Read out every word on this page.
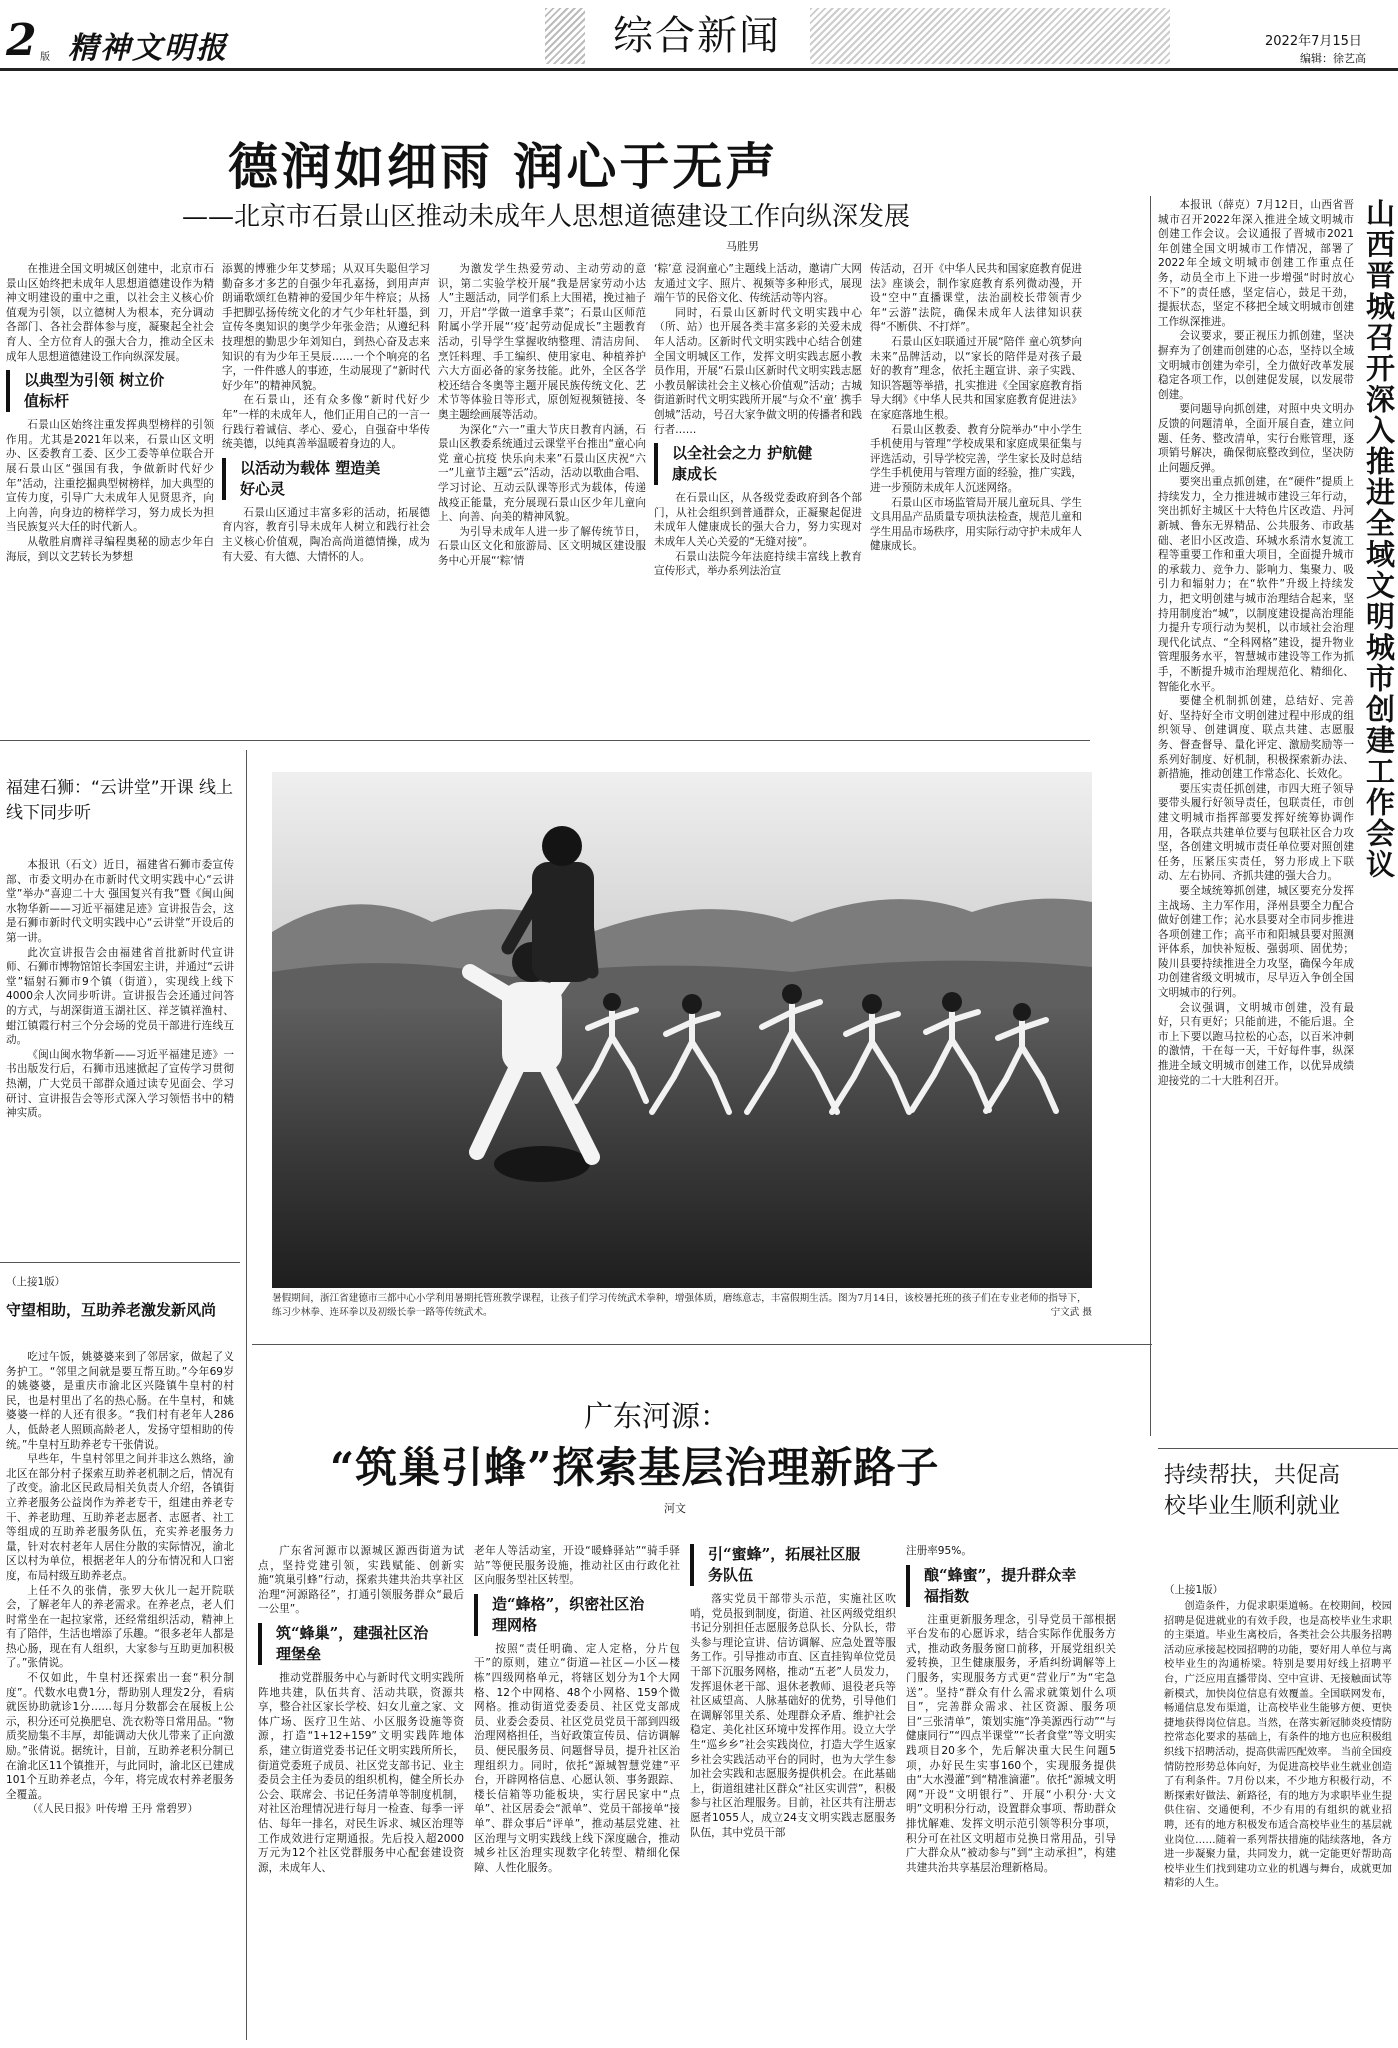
2 版 精神文明报	综合新闻	2022年7月15日
编辑：徐艺高
德润如细雨 润心于无声
——北京市石景山区推动未成年人思想道德建设工作向纵深发展
马胜男

在推进全国文明城区创建中，北京市石景山区始终把未成年人思想道德建设作为精神文明建设的重中之重，以社会主义核心价值观为引领，以立德树人为根本，充分调动各部门、各社会群体参与度，凝聚起全社会育人、全方位育人的强大合力，推动全区未成年人思想道德建设工作向纵深发展。

以典型为引领 树立价值标杆

石景山区始终注重发挥典型榜样的引领作用。尤其是2021年以来，石景山区文明办、区委教育工委、区少工委等单位联合开展石景山区“强国有我，争做新时代好少年”活动，注重挖掘典型树榜样，加大典型的宣传力度，引导广大未成年人见贤思齐，向上向善，向身边的榜样学习，努力成长为担当民族复兴大任的时代新人。

从敬胜肩膺祥寻编程奥秘的励志少年白海辰，到以文艺转长为梦想

添翼的博雅少年艾梦瑶；从双耳失聪但学习勤奋多才多艺的自强少年孔嘉扬，到用声声朗诵歌颂红色精神的爱国少年牛梓宸；从扬手把脚弘扬传统文化的才气少年杜轩墨，到宣传冬奥知识的奥学少年张金浩；从遵纪科技理想的勤思少年刘知白，到热心奋及志来知识的有为少年王昊辰……一个个响亮的名字，一件件感人的事迹，生动展现了“新时代好少年”的精神风貌。

在石景山，还有众多像“新时代好少年”一样的未成年人，他们正用自己的一言一行践行着诚信、孝心、爱心，自强奋中华传统美德，以纯真善举温暖着身边的人。

以活动为载体 塑造美好心灵

石景山区通过丰富多彩的活动，拓展德育内容，教育引导未成年人树立和践行社会主义核心价值观，陶冶高尚道德情操，成为有大爱、有大德、大情怀的人。

为激发学生热爱劳动、主动劳动的意识，第二实验学校开展“我是居家劳动小达人”主题活动，同学们系上大围裙，挽过袖子刀，开启“学做一道拿手菜”；石景山区师范附属小学开展“‘疫’起劳动促成长”主题教育活动，引导学生掌握收纳整理、清洁房间、烹饪料理、手工编织、使用家电、种植养护六大方面必备的家务技能。此外，全区各学校还结合冬奥等主题开展民族传统文化、艺术节等体验日等形式，原创短视频链接、冬奥主题绘画展等活动。

为深化“六一”重大节庆日教育内涵，石景山区教委系统通过云课堂平台推出“童心向党 童心抗疫 快乐向未来”石景山区庆祝“六一”儿童节主题“云”活动，活动以歌曲合唱、学习讨论、互动云队课等形式为载体，传递战疫正能量，充分展现石景山区少年儿童向上、向善、向美的精神风貌。

为引导未成年人进一步了解传统节日，石景山区文化和旅游局、区文明城区建设服务中心开展“‘粽’情

‘粽’意 浸润童心”主题线上活动，邀请广大网友通过文字、照片、视频等多种形式，展现端午节的民俗文化、传统活动等内容。

同时，石景山区新时代文明实践中心（所、站）也开展各类丰富多彩的关爱未成年人活动。区新时代文明实践中心结合创建全国文明城区工作，发挥文明实践志愿小教员作用，开展“石景山区新时代文明实践志愿小教员解读社会主义核心价值观”活动；古城街道新时代文明实践所开展“与众不‘童’ 携手创城”活动，号召大家争做文明的传播者和践行者……

以全社会之力 护航健康成长

在石景山区，从各级党委政府到各个部门，从社会组织到普通群众，正凝聚起促进未成年人健康成长的强大合力，努力实现对未成年人关心关爱的“无缝对接”。

石景山法院今年法庭持续丰富线上教育宣传形式，举办系列法治宣

传活动，召开《中华人民共和国家庭教育促进法》座谈会，制作家庭教育系列微动漫，开设“空中”直播课堂，法治副校长带领青少年“云游”法院，确保未成年人法律知识获得“不断供、不打烊”。

石景山区妇联通过开展“陪伴 童心筑梦向未来”品牌活动，以“家长的陪伴是对孩子最好的教育”理念，依托主题宣讲、亲子实践、知识答题等举措，扎实推进《全国家庭教育指导大纲》《中华人民共和国家庭教育促进法》在家庭落地生根。

石景山区教委、教育分院举办“中小学生手机使用与管理”学校成果和家庭成果征集与评选活动，引导学校完善，学生家长及时总结学生手机使用与管理方面的经验，推广实践，进一步预防未成年人沉迷网络。

石景山区市场监管局开展儿童玩具、学生文具用品产品质量专项执法检查，规范儿童和学生用品市场秩序，用实际行动守护未成年人健康成长。	山西晋城召开深入推进全域文明城市创建工作会议

本报讯（薛克）7月12日，山西省晋城市召开2022年深入推进全域文明城市创建工作会议。会议通报了晋城市2021年创建全国文明城市工作情况，部署了2022年全域文明城市创建工作重点任务，动员全市上下进一步增强“时时放心不下”的责任感，坚定信心，鼓足干劲，提振状态，坚定不移把全域文明城市创建工作纵深推进。

会议要求，要正视压力抓创建，坚决摒弃为了创建而创建的心态，坚持以全域文明城市创建为牵引，全力做好改革发展稳定各项工作，以创建促发展，以发展带创建。

要问题导向抓创建，对照中央文明办反馈的问题清单，全面开展自查，建立问题、任务、整改清单，实行台账管理，逐项销号解决，确保彻底整改到位，坚决防止问题反弹。

要突出重点抓创建，在“硬件”提质上持续发力，全力推进城市建设三年行动，突出抓好主城区十大特色片区改造、丹河新城、鲁东无界精品、公共服务、市政基础、老旧小区改造、环城水系清水复流工程等重要工作和重大项目，全面提升城市的承载力、竞争力、影响力、集聚力、吸引力和辐射力；在“软件”升级上持续发力，把文明创建与城市治理结合起来，坚持用制度治“城”，以制度建设提高治理能力提升专项行动为契机，以市域社会治理现代化试点、“全科网格”建设，提升物业管理服务水平，智慧城市建设等工作为抓手，不断提升城市治理规范化、精细化、智能化水平。

要健全机制抓创建，总结好、完善好、坚持好全市文明创建过程中形成的组织领导、创建调度、联点共建、志愿服务、督查督导、量化评定、激励奖励等一系列好制度、好机制，积极探索新办法、新措施，推动创建工作常态化、长效化。

要压实责任抓创建，市四大班子领导要带头履行好领导责任，包联责任，市创建文明城市指挥部要发挥好统筹协调作用，各联点共建单位要与包联社区合力攻坚，各创建文明城市责任单位要对照创建任务，压紧压实责任，努力形成上下联动、左右协同、齐抓共建的强大合力。

要全域统筹抓创建，城区要充分发挥主战场、主力军作用，泽州县要全力配合做好创建工作；沁水县要对全市同步推进各项创建工作；高平市和阳城县要对照测评体系，加快补短板、强弱项、固优势；陵川县要持续推进全力攻坚，确保今年成功创建省级文明城市，尽早迈入争创全国文明城市的行列。

会议强调，文明城市创建，没有最好，只有更好；只能前进，不能后退。全市上下要以跑马拉松的心态，以百米冲刺的激情，干在每一天，干好每件事，纵深推进全域文明城市创建工作，以优异成绩迎接党的二十大胜利召开。

福建石狮：“云讲堂”开课 线上线下同步听

本报讯（石文）近日，福建省石狮市委宣传部、市委文明办在市新时代文明实践中心“云讲堂”举办“喜迎二十大 强国复兴有我”暨《闽山闽水物华新——习近平福建足迹》宣讲报告会，这是石狮市新时代文明实践中心“云讲堂”开设后的第一讲。

此次宣讲报告会由福建省首批新时代宣讲师、石狮市博物馆馆长李国宏主讲，并通过“云讲堂”辐射石狮市9个镇（街道），实现线上线下4000余人次同步听讲。宣讲报告会还通过问答的方式，与胡深街道玉湖社区、祥芝镇祥渔村、蚶江镇霞行村三个分会场的党员干部进行连线互动。

《闽山闽水物华新——习近平福建足迹》一书出版发行后，石狮市迅速掀起了宣传学习贯彻热潮，广大党员干部群众通过读专见面会、学习研讨、宣讲报告会等形式深入学习领悟书中的精神实质。

（上接1版）
守望相助，互助养老激发新风尚

吃过午饭，姚婆婆来到了邻居家，做起了义务护工。“邻里之间就是要互帮互助。”今年69岁的姚婆婆，是重庆市渝北区兴隆镇牛皇村的村民，也是村里出了名的热心肠。在牛皇村，和姚婆婆一样的人还有很多。“我们村有老年人286人，低龄老人照顾高龄老人，发扬守望相助的传统。”牛皇村互助养老专干张倩说。

早些年，牛皇村邻里之间并非这么熟络，渝北区在部分村子探索互助养老机制之后，情况有了改变。渝北区民政局相关负责人介绍，各镇街立养老服务公益岗作为养老专干，组建由养老专干、养老助理、互助养老志愿者、志愿者、社工等组成的互助养老服务队伍，充实养老服务力量，针对农村老年人居住分散的实际情况，渝北区以村为单位，根据老年人的分布情况和人口密度，布局村级互助养老点。

上任不久的张倩，张罗大伙儿一起开院联会，了解老年人的养老需求。在养老点，老人们时常坐在一起拉家常，还经常组织活动，精神上有了陪伴，生活也增添了乐趣。“很多老年人都是热心肠，现在有人组织，大家参与互助更加积极了。”张倩说。

不仅如此，牛皇村还探索出一套“积分制度”。代数水电费1分，帮助别人理发2分，看病就医协助就诊1分……每月分数都会在展板上公示，积分还可兑换肥皂、洗衣粉等日常用品。“物质奖励集不丰厚，却能调动大伙儿带来了正向激励。”张倩说。据统计，目前，互助养老积分制已在渝北区11个镇推开，与此同时，渝北区已建成101个互助养老点，今年，将完成农村养老服务全覆盖。

（《人民日报》叶传增 王丹 常碧罗）

暑假期间，浙江省建德市三都中心小学利用暑期托管班教学课程，让孩子们学习传统武术拳种，增强体质，磨练意志，丰富假期生活。图为7月14日，该校暑托班的孩子们在专业老师的指导下，练习少林拳、连环拳以及初级长拳一路等传统武术。	宁文武 摄
广东河源：
“筑巢引蜂”探索基层治理新路子
河文

广东省河源市以源城区源西街道为试点，坚持党建引领，实践赋能、创新实施“筑巢引蜂”行动，探索共建共治共享社区治理“河源路径”，打通引领服务群众“最后一公里”。

筑“蜂巢”，建强社区治理堡垒

推动党群服务中心与新时代文明实践所阵地共建，队伍共育、活动共联，资源共享，整合社区家长学校、妇女儿童之家、文体广场、医疗卫生站、小区服务设施等资源，打造“1+12+159”文明实践阵地体系，建立街道党委书记任文明实践所所长，街道党委班子成员、社区党支部书记、业主委员会主任为委员的组织机构，健全所长办公会、联席会、书记任务清单等制度机制，对社区治理情况进行每月一检查、每季一评估、每年一排名，对民生诉求、城区治理等工作成效进行定期通报。先后投入超2000万元为12个社区党群服务中心配套建设资源，未成年人、

老年人等活动室，开设“暖蜂驿站”“骑手驿站”等便民服务设施，推动社区由行政化社区向服务型社区转型。

造“蜂格”，织密社区治理网格

按照“责任明确、定人定格，分片包干”的原则，建立“街道—社区—小区—楼栋”四级网格单元，将辖区划分为1个大网格、12个中网格、48个小网格、159个微网格。推动街道党委委员、社区党支部成员、业委会委员、社区党员党员干部到四级治理网格担任，当好政策宣传员、信访调解员、便民服务员、问题督导员，提升社区治理组织力。同时，依托“源城智慧党建”平台，开辟网格信息、心愿认领、事务跟踪、楼长信箱等功能板块，实行居民家中“点单”、社区居委会“派单”、党员干部接单“接单”、群众事后“评单”，推动基层党建、社区治理与文明实践线上线下深度融合，推动城乡社区治理实现数字化转型、精细化保障、人性化服务。

引“蜜蜂”，拓展社区服务队伍

落实党员干部带头示范，实施社区吹哨，党员报到制度，街道、社区两级党组织书记分别担任志愿服务总队长、分队长，带头参与理论宣讲、信访调解、应急处置等服务工作。引导推动市直、区直挂钩单位党员干部下沉服务网格，推动“五老”人员发力，发挥退休老干部、退休老教师、退役老兵等社区威望高、人脉基础好的优势，引导他们在调解邻里关系、处理群众矛盾、维护社会稳定、美化社区环境中发挥作用。设立大学生“巡乡乡”社会实践岗位，打造大学生返家乡社会实践活动平台的同时，也为大学生参加社会实践和志愿服务提供机会。在此基础上，街道组建社区群众“社区实训营”，积极参与社区治理服务。目前，社区共有注册志愿者1055人，成立24支文明实践志愿服务队伍，其中党员干部

注册率95%。

酿“蜂蜜”，提升群众幸福指数

注重更新服务理念，引导党员干部根据平台发布的心愿诉求，结合实际作优服务方式，推动政务服务窗口前移，开展党组织关爱转换，卫生健康服务，矛盾纠纷调解等上门服务，实现服务方式更“营业厅”为“宅急送”。坚持“群众有什么需求就策划什么项目”，完善群众需求、社区资源、服务项目“三张清单”，策划实施“净美源西行动”“与健康同行”“四点半课堂”“长者食堂”等文明实践项目20多个，先后解决重大民生问题5项，办好民生实事160个，实现服务提供由“大水漫灌”到“精准滴灌”。依托“源城文明网”开设“文明银行”、开展“小积分·大文明”文明积分行动，设置群众事项、帮助群众排忧解难、发挥文明示范引领等积分事项，积分可在社区文明超市兑换日常用品，引导广大群众从“被动参与”到“主动承担”，构建共建共治共享基层治理新格局。

持续帮扶，共促高校毕业生顺利就业
（上接1版）

创造条件，力促求职渠道畅。在校期间，校园招聘是促进就业的有效手段，也是高校毕业生求职的主渠道。毕业生离校后，各类社会公共服务招聘活动应承接起校园招聘的功能，要好用人单位与离校毕业生的沟通桥梁。特别是要用好线上招聘平台，广泛应用直播带岗、空中宣讲、无接触面试等新模式，加快岗位信息有效覆盖。全国联网发布，畅通信息发布渠道，让高校毕业生能够方便、更快捷地获得岗位信息。当然，在落实新冠肺炎疫情防控常态化要求的基础上，有条件的地方也应积极组织线下招聘活动，提高供需匹配效率。 当前全国疫情防控形势总体向好，为促进高校毕业生就业创造了有利条件。7月份以来，不少地方积极行动，不断探索好做法、新路径，有的地方为求职毕业生提供住宿、交通便利，不少有用的有组织的就业招聘，还有的地方积极发布适合高校毕业生的基层就业岗位……随着一系列帮扶措施的陆续落地，各方进一步凝聚力量，共同发力，就一定能更好帮助高校毕业生们找到建功立业的机遇与舞台，成就更加精彩的人生。
